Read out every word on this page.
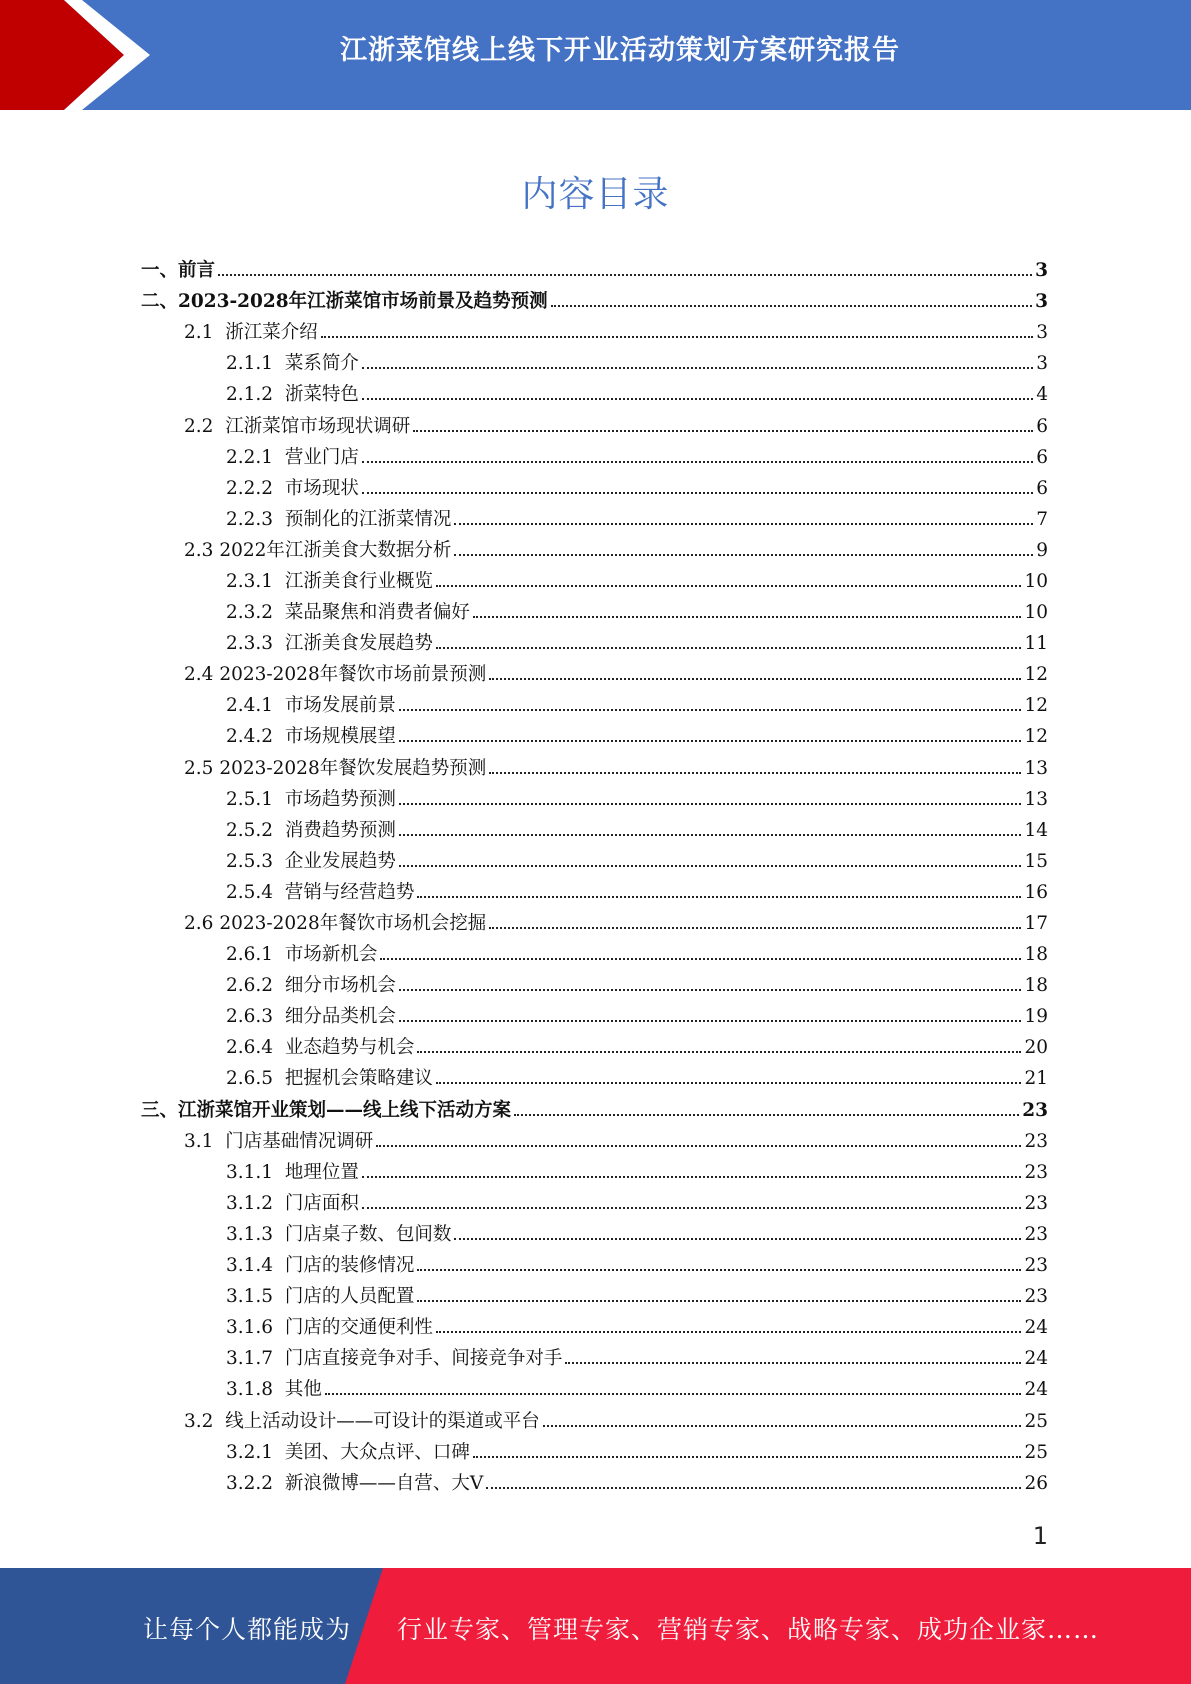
江浙菜馆线上线下开业活动策划方案研究报告
内容目录
一、 前言	3
二、 2023-2028年江浙菜馆市场前景及趋势预测	3
2.1 浙江菜介绍	3
2.1.1 菜系简介	3
2.1.2 浙菜特色	4
2.2 江浙菜馆市场现状调研	6
2.2.1 营业门店	6
2.2.2 市场现状	6
2.2.3 预制化的江浙菜情况	7
2.3 2022年江浙美食大数据分析	9
2.3.1 江浙美食行业概览	10
2.3.2 菜品聚焦和消费者偏好	10
2.3.3 江浙美食发展趋势	11
2.4 2023-2028年餐饮市场前景预测	12
2.4.1 市场发展前景	12
2.4.2 市场规模展望	12
2.5 2023-2028年餐饮发展趋势预测	13
2.5.1 市场趋势预测	13
2.5.2 消费趋势预测	14
2.5.3 企业发展趋势	15
2.5.4 营销与经营趋势	16
2.6 2023-2028年餐饮市场机会挖掘	17
2.6.1 市场新机会	18
2.6.2 细分市场机会	18
2.6.3 细分品类机会	19
2.6.4 业态趋势与机会	20
2.6.5 把握机会策略建议	21
三、 江浙菜馆开业策划——线上线下活动方案	23
3.1 门店基础情况调研	23
3.1.1 地理位置	23
3.1.2 门店面积	23
3.1.3 门店桌子数、包间数	23
3.1.4 门店的装修情况	23
3.1.5 门店的人员配置	23
3.1.6 门店的交通便利性	24
3.1.7 门店直接竞争对手、间接竞争对手	24
3.1.8 其他	24
3.2 线上活动设计——可设计的渠道或平台	25
3.2.1 美团、大众点评、口碑	25
3.2.2 新浪微博——自营、大V	26
1
让每个人都能成为 行业专家、管理专家、营销专家、战略专家、成功企业家……
